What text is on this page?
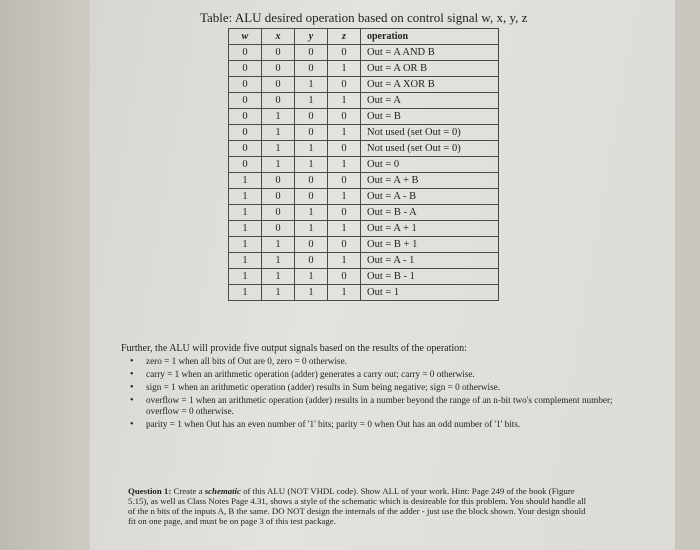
Table: ALU desired operation based on control signal w, x, y, z
w	x	y	z	operation
0	0	0	0	Out = A AND B
0	0	0	1	Out = A OR B
0	0	1	0	Out = A XOR B
0	0	1	1	Out = A
0	1	0	0	Out = B
0	1	0	1	Not used (set Out = 0)
0	1	1	0	Not used (set Out = 0)
0	1	1	1	Out = 0
1	0	0	0	Out = A + B
1	0	0	1	Out = A - B
1	0	1	0	Out = B - A
1	0	1	1	Out = A + 1
1	1	0	0	Out = B + 1
1	1	0	1	Out = A - 1
1	1	1	0	Out = B - 1
1	1	1	1	Out = 1
Further, the ALU will provide five output signals based on the results of the operation:
• zero = 1 when all bits of Out are 0, zero = 0 otherwise.
• carry = 1 when an arithmetic operation (adder) generates a carry out; carry = 0 otherwise.
• sign = 1 when an arithmetic operation (adder) results in Sum being negative; sign = 0 otherwise.
• overflow = 1 when an arithmetic operation (adder) results in a number beyond the range of an n-bit two's complement number; overflow = 0 otherwise.
• parity = 1 when Out has an even number of '1' bits; parity = 0 when Out has an odd number of '1' bits.
Question 1: Create a schematic of this ALU (NOT VHDL code). Show ALL of your work. Hint: Page 249 of the book (Figure 5.15), as well as Class Notes Page 4.31, shows a style of the schematic which is desireable for this problem. You should handle all of the n bits of the inputs A, B the same. DO NOT design the internals of the adder - just use the block shown. Your design should fit on one page, and must be on page 3 of this test package.
